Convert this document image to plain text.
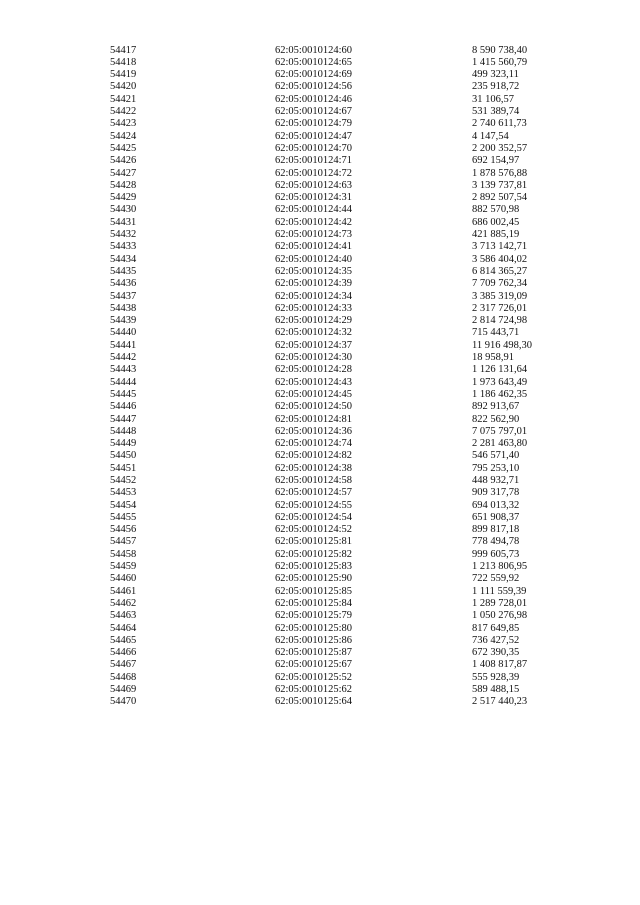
54417	62:05:0010124:60	8 590 738,40
54418	62:05:0010124:65	1 415 560,79
54419	62:05:0010124:69	499 323,11
54420	62:05:0010124:56	235 918,72
54421	62:05:0010124:46	31 106,57
54422	62:05:0010124:67	531 389,74
54423	62:05:0010124:79	2 740 611,73
54424	62:05:0010124:47	4 147,54
54425	62:05:0010124:70	2 200 352,57
54426	62:05:0010124:71	692 154,97
54427	62:05:0010124:72	1 878 576,88
54428	62:05:0010124:63	3 139 737,81
54429	62:05:0010124:31	2 892 507,54
54430	62:05:0010124:44	882 570,98
54431	62:05:0010124:42	686 002,45
54432	62:05:0010124:73	421 885,19
54433	62:05:0010124:41	3 713 142,71
54434	62:05:0010124:40	3 586 404,02
54435	62:05:0010124:35	6 814 365,27
54436	62:05:0010124:39	7 709 762,34
54437	62:05:0010124:34	3 385 319,09
54438	62:05:0010124:33	2 317 726,01
54439	62:05:0010124:29	2 814 724,98
54440	62:05:0010124:32	715 443,71
54441	62:05:0010124:37	11 916 498,30
54442	62:05:0010124:30	18 958,91
54443	62:05:0010124:28	1 126 131,64
54444	62:05:0010124:43	1 973 643,49
54445	62:05:0010124:45	1 186 462,35
54446	62:05:0010124:50	892 913,67
54447	62:05:0010124:81	822 562,90
54448	62:05:0010124:36	7 075 797,01
54449	62:05:0010124:74	2 281 463,80
54450	62:05:0010124:82	546 571,40
54451	62:05:0010124:38	795 253,10
54452	62:05:0010124:58	448 932,71
54453	62:05:0010124:57	909 317,78
54454	62:05:0010124:55	694 013,32
54455	62:05:0010124:54	651 908,37
54456	62:05:0010124:52	899 817,18
54457	62:05:0010125:81	778 494,78
54458	62:05:0010125:82	999 605,73
54459	62:05:0010125:83	1 213 806,95
54460	62:05:0010125:90	722 559,92
54461	62:05:0010125:85	1 111 559,39
54462	62:05:0010125:84	1 289 728,01
54463	62:05:0010125:79	1 050 276,98
54464	62:05:0010125:80	817 649,85
54465	62:05:0010125:86	736 427,52
54466	62:05:0010125:87	672 390,35
54467	62:05:0010125:67	1 408 817,87
54468	62:05:0010125:52	555 928,39
54469	62:05:0010125:62	589 488,15
54470	62:05:0010125:64	2 517 440,23
